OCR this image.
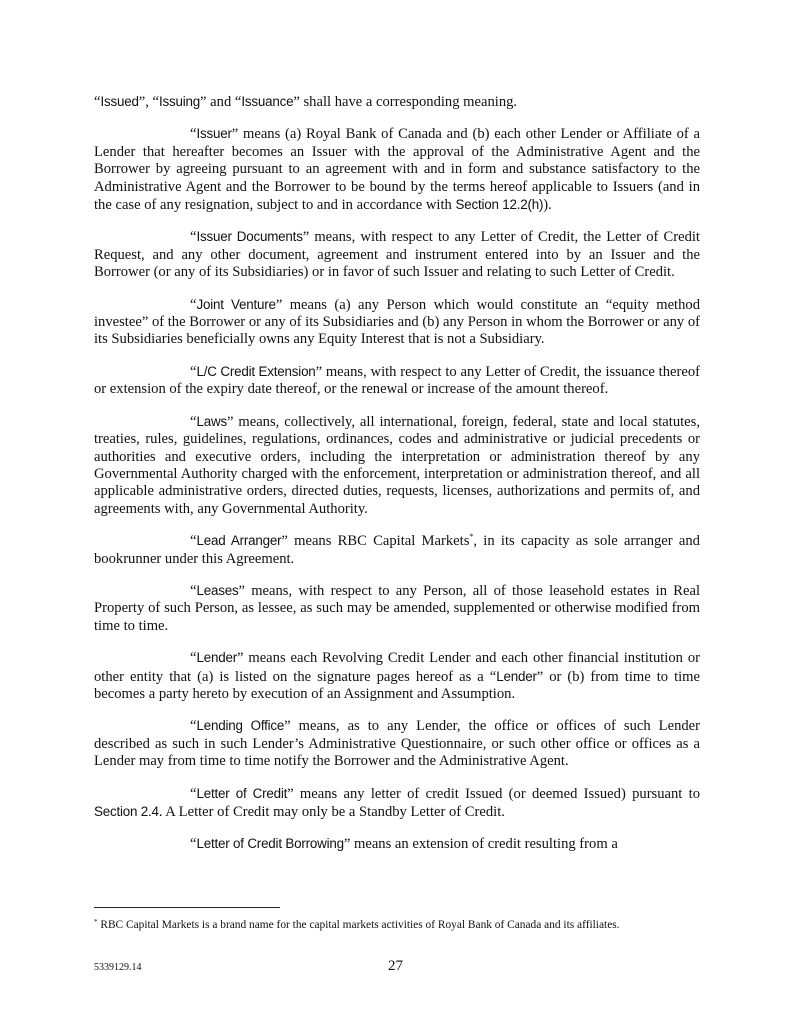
“Issued”, “Issuing” and “Issuance” shall have a corresponding meaning.

“Issuer” means (a) Royal Bank of Canada and (b) each other Lender or Affiliate of a Lender that hereafter becomes an Issuer with the approval of the Administrative Agent and the Borrower by agreeing pursuant to an agreement with and in form and substance satisfactory to the Administrative Agent and the Borrower to be bound by the terms hereof applicable to Issuers (and in the case of any resignation, subject to and in accordance with Section 12.2(h)).

“Issuer Documents” means, with respect to any Letter of Credit, the Letter of Credit Request, and any other document, agreement and instrument entered into by an Issuer and the Borrower (or any of its Subsidiaries) or in favor of such Issuer and relating to such Letter of Credit.

“Joint Venture” means (a) any Person which would constitute an “equity method investee” of the Borrower or any of its Subsidiaries and (b) any Person in whom the Borrower or any of its Subsidiaries beneficially owns any Equity Interest that is not a Subsidiary.

“L/C Credit Extension” means, with respect to any Letter of Credit, the issuance thereof or extension of the expiry date thereof, or the renewal or increase of the amount thereof.

“Laws” means, collectively, all international, foreign, federal, state and local statutes, treaties, rules, guidelines, regulations, ordinances, codes and administrative or judicial precedents or authorities and executive orders, including the interpretation or administration thereof by any Governmental Authority charged with the enforcement, interpretation or administration thereof, and all applicable administrative orders, directed duties, requests, licenses, authorizations and permits of, and agreements with, any Governmental Authority.

“Lead Arranger” means RBC Capital Markets*, in its capacity as sole arranger and bookrunner under this Agreement.

“Leases” means, with respect to any Person, all of those leasehold estates in Real Property of such Person, as lessee, as such may be amended, supplemented or otherwise modified from time to time.

“Lender” means each Revolving Credit Lender and each other financial institution or other entity that (a) is listed on the signature pages hereof as a “Lender” or (b) from time to time becomes a party hereto by execution of an Assignment and Assumption.

“Lending Office” means, as to any Lender, the office or offices of such Lender described as such in such Lender’s Administrative Questionnaire, or such other office or offices as a Lender may from time to time notify the Borrower and the Administrative Agent.

“Letter of Credit” means any letter of credit Issued (or deemed Issued) pursuant to Section 2.4. A Letter of Credit may only be a Standby Letter of Credit.

“Letter of Credit Borrowing” means an extension of credit resulting from a

* RBC Capital Markets is a brand name for the capital markets activities of Royal Bank of Canada and its affiliates.
5339129.14	27
